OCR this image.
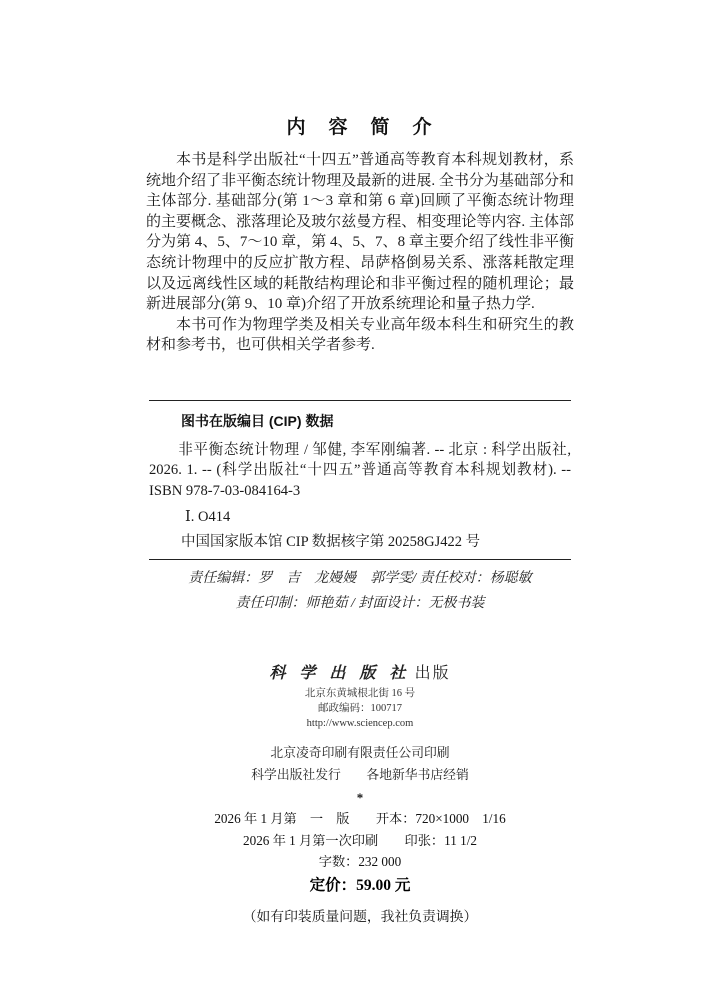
内　容　简　介

本书是科学出版社“十四五”普通高等教育本科规划教材，系统地介绍了非平衡态统计物理及最新的进展. 全书分为基础部分和主体部分. 基础部分(第 1～3 章和第 6 章)回顾了平衡态统计物理的主要概念、涨落理论及玻尔兹曼方程、相变理论等内容. 主体部分为第 4、5、7～10 章，第 4、5、7、8 章主要介绍了线性非平衡态统计物理中的反应扩散方程、昂萨格倒易关系、涨落耗散定理以及远离线性区域的耗散结构理论和非平衡过程的随机理论；最新进展部分(第 9、10 章)介绍了开放系统理论和量子热力学.

本书可作为物理学类及相关专业高年级本科生和研究生的教材和参考书，也可供相关学者参考.

图书在版编目 (CIP) 数据

非平衡态统计物理 / 邹健, 李军刚编著. -- 北京 : 科学出版社, 2026. 1. -- (科学出版社“十四五”普通高等教育本科规划教材). -- ISBN 978-7-03-084164-3

Ⅰ. O414

中国国家版本馆 CIP 数据核字第 20258GJ422 号

责任编辑：罗　吉　龙嫚嫚　郭学雯/ 责任校对：杨聪敏

责任印制：师艳茹 / 封面设计：无极书装

科 学 出 版 社 出版

北京东黄城根北街 16 号

邮政编码：100717

http://www.sciencep.com

北京凌奇印刷有限责任公司印刷

科学出版社发行　　各地新华书店经销

*

2026 年 1 月第　一　版　　开本：720×1000　1/16

2026 年 1 月第一次印刷　　印张：11 1/2

字数：232 000

定价：59.00 元

（如有印装质量问题，我社负责调换）
